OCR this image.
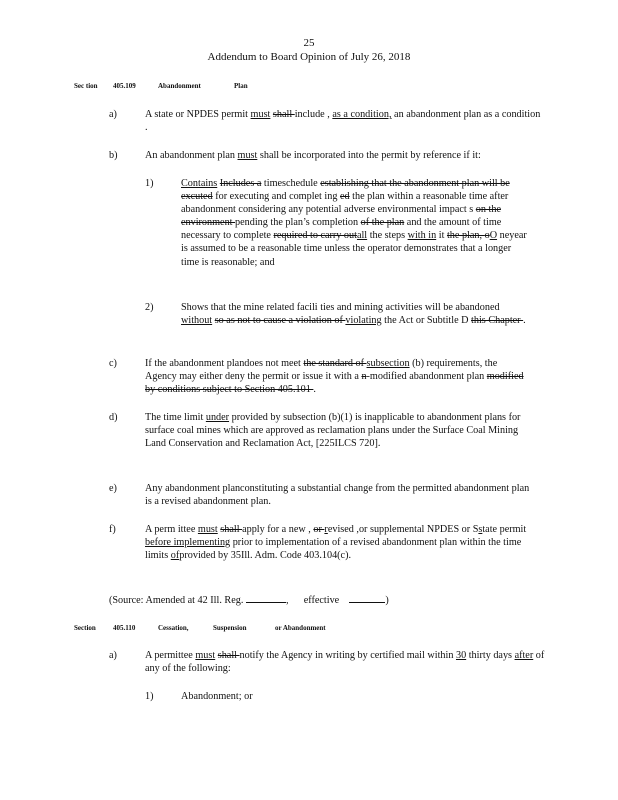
25
Addendum to Board Opinion of July 26, 2018
Sec tion 405.109	Abandonment	Plan
a)	A state or NPDES permit must shall include , as a condition, an abandonment plan as a condition .
b)	An abandonment plan must shall be incorporated into the permit by reference if it:
1)	Contains Includes a timeschedule establishing that the abandonment plan will be excuted for executing and complet ing ed the plan within a reasonable time after abandonment considering any potential adverse environmental impact s on the environment pending the plan’s completion of the plan and the amount of time necessary to complete required to carry outall the steps with in it the plan, oO neyear is assumed to be a reasonable time unless the operator demonstrates that a longer time is reasonable; and
2)	Shows that the mine related facili ties and mining activities will be abandoned without so as not to cause a violation of violating the Act or Subtitle D this Chapter .
c)	If the abandonment plandoes not meet the standard of subsection (b) requirements, the Agency may either deny the permit or issue it with a n-modified abandonment plan modified by conditions subject to Section 405.101 .
d)	The time limit under provided by subsection (b)(1) is inapplicable to abandonment plans for surface coal mines which are approved as reclamation plans under the Surface Coal Mining Land Conservation and Reclamation Act, [225ILCS 720].
e)	Any abandonment planconstituting a substantial change from the permitted abandonment plan is a revised abandonment plan.
f)	A perm ittee must shall apply for a new , or revised ,or supplemental NPDES or Sstate permit before implementing prior to implementation of a revised abandonment plan within the time limits ofprovided by 35Ill. Adm. Code 403.104(c).
(Source: Amended at 42 Ill. Reg.	,      effective	)
Section 405.110	Cessation,	Suspension	or Abandonment
a)	A permittee must shall notify the Agency in writing by certified mail within 30 thirty days after of any of the following:
1)	Abandonment; or
